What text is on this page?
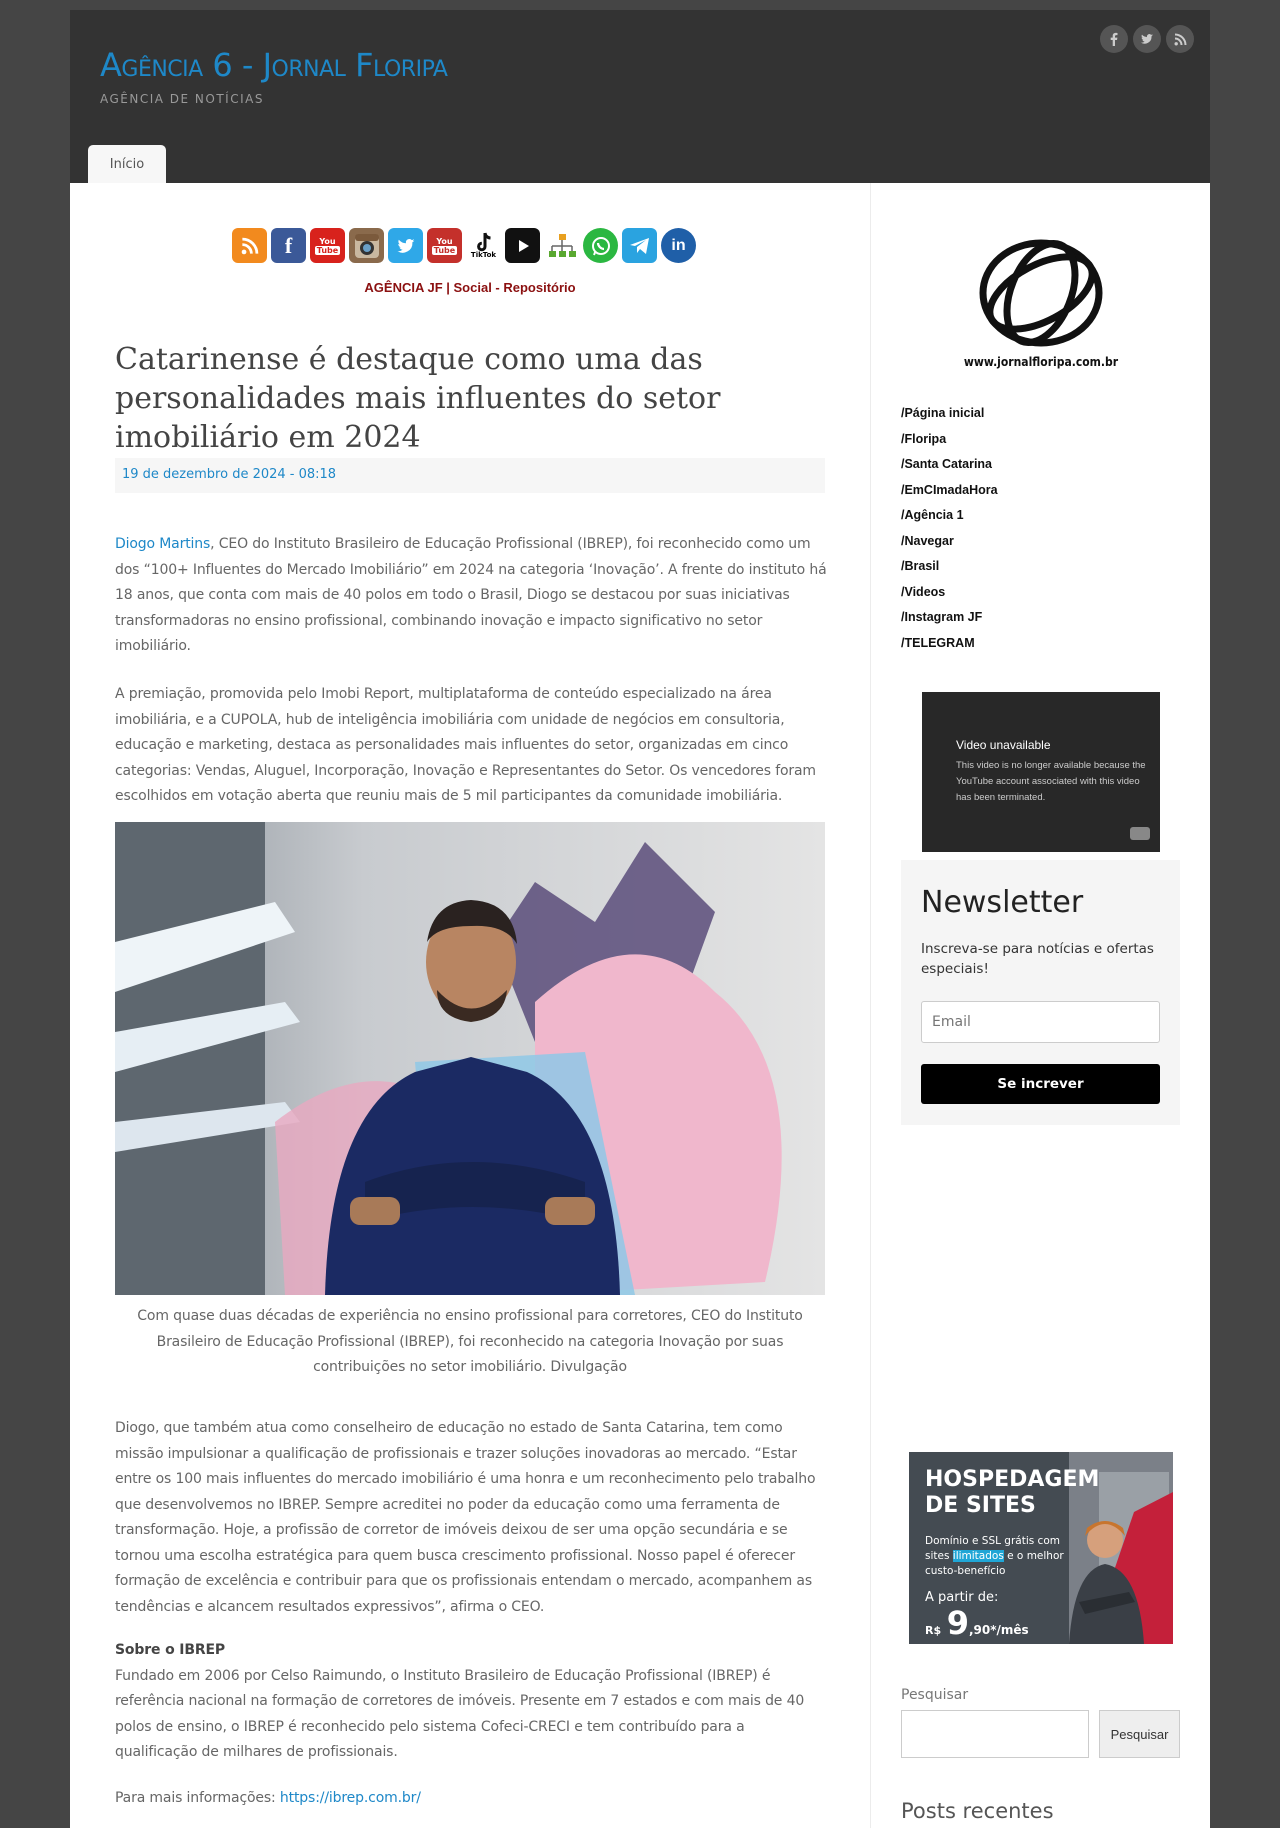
Agência 6 - Jornal Floripa
AGÊNCIA DE NOTÍCIAS
Início
f	You
Tube
You
Tube
TikTok
in
AGÊNCIA JF | Social - Repositório
Catarinense é destaque como uma das personalidades mais influentes do setor imobiliário em 2024
19 de dezembro de 2024 - 08:18

Diogo Martins, CEO do Instituto Brasileiro de Educação Profissional (IBREP), foi reconhecido como um dos “100+ Influentes do Mercado Imobiliário” em 2024 na categoria ‘Inovação’. A frente do instituto há 18 anos, que conta com mais de 40 polos em todo o Brasil, Diogo se destacou por suas iniciativas transformadoras no ensino profissional, combinando inovação e impacto significativo no setor imobiliário.

A premiação, promovida pelo Imobi Report, multiplataforma de conteúdo especializado na área imobiliária, e a CUPOLA, hub de inteligência imobiliária com unidade de negócios em consultoria, educação e marketing, destaca as personalidades mais influentes do setor, organizadas em cinco categorias: Vendas, Aluguel, Incorporação, Inovação e Representantes do Setor. Os vencedores foram escolhidos em votação aberta que reuniu mais de 5 mil participantes da comunidade imobiliária.

Com quase duas décadas de experiência no ensino profissional para corretores, CEO do Instituto Brasileiro de Educação Profissional (IBREP), foi reconhecido na categoria Inovação por suas contribuições no setor imobiliário. Divulgação

Diogo, que também atua como conselheiro de educação no estado de Santa Catarina, tem como missão impulsionar a qualificação de profissionais e trazer soluções inovadoras ao mercado. “Estar entre os 100 mais influentes do mercado imobiliário é uma honra e um reconhecimento pelo trabalho que desenvolvemos no IBREP. Sempre acreditei no poder da educação como uma ferramenta de transformação. Hoje, a profissão de corretor de imóveis deixou de ser uma opção secundária e se tornou uma escolha estratégica para quem busca crescimento profissional. Nosso papel é oferecer formação de excelência e contribuir para que os profissionais entendam o mercado, acompanhem as tendências e alcancem resultados expressivos”, afirma o CEO.

Sobre o IBREP
Fundado em 2006 por Celso Raimundo, o Instituto Brasileiro de Educação Profissional (IBREP) é referência nacional na formação de corretores de imóveis. Presente em 7 estados e com mais de 40 polos de ensino, o IBREP é reconhecido pelo sistema Cofeci-CRECI e tem contribuído para a qualificação de milhares de profissionais.

Para mais informações: https://ibrep.com.br/

www.jornalfloripa.com.br
/Página inicial
/Floripa
/Santa Catarina
/EmCImadaHora
/Agência 1
/Navegar
/Brasil
/Videos
/Instagram JF
/TELEGRAM
Video unavailable
This video is no longer available because the YouTube account associated with this video has been terminated.
Newsletter

Inscreva-se para notícias e ofertas especiais!

Email
Se increver
HOSPEDAGEM
DE SITES
Domínio e SSL grátis com sites ilimitados e o melhor custo-benefício
A partir de:
R$ 9,90*/mês
Pesquisar
Pesquisar
Posts recentes
